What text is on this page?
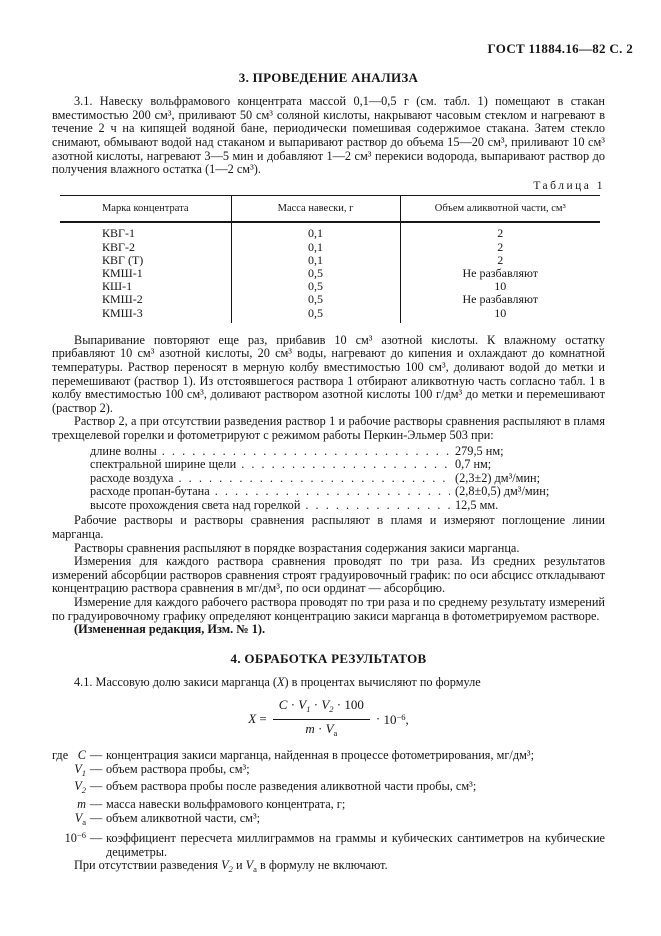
ГОСТ 11884.16—82 С. 2
3. ПРОВЕДЕНИЕ АНАЛИЗА

3.1. Навеску вольфрамового концентрата массой 0,1—0,5 г (см. табл. 1) помещают в стакан вместимостью 200 см³, приливают 50 см³ соляной кислоты, накрывают часовым стеклом и нагревают в течение 2 ч на кипящей водяной бане, периодически помешивая содержимое стакана. Затем стекло снимают, обмывают водой над стаканом и выпаривают раствор до объема 15—20 см³, приливают 10 см³ азотной кислоты, нагревают 3—5 мин и добавляют 1—2 см³ перекиси водорода, выпаривают раствор до получения влажного остатка (1—2 см³).

Таблица 1
Марка концентрата	Масса навески, г	Объем аликвотной части, см³
КВГ-1	0,1	2
КВГ-2	0,1	2
КВГ (Т)	0,1	2
КМШ-1	0,5	Не разбавляют
КШ-1	0,5	10
КМШ-2	0,5	Не разбавляют
КМШ-3	0,5	10

Выпаривание повторяют еще раз, прибавив 10 см³ азотной кислоты. К влажному остатку прибавляют 10 см³ азотной кислоты, 20 см³ воды, нагревают до кипения и охлаждают до комнатной температуры. Раствор переносят в мерную колбу вместимостью 100 см³, доливают водой до метки и перемешивают (раствор 1). Из отстоявшегося раствора 1 отбирают аликвотную часть согласно табл. 1 в колбу вместимостью 100 см³, доливают раствором азотной кислоты 100 г/дм³ до метки и перемешивают (раствор 2).

Раствор 2, а при отсутствии разведения раствор 1 и рабочие растворы сравнения распыляют в пламя трехщелевой горелки и фотометрируют с режимом работы Перкин-Эльмер 503 при:

длине волны . . .	279,5 нм;
спектральной ширине щели . . .	0,7 нм;
расходе воздуха . . .	(2,3±2) дм³/мин;
расходе пропан-бутана . . .	(2,8±0,5) дм³/мин;
высоте прохождения света над горелкой . . .	12,5 мм.

Рабочие растворы и растворы сравнения распыляют в пламя и измеряют поглощение линии марганца.

Растворы сравнения распыляют в порядке возрастания содержания закиси марганца.

Измерения для каждого раствора сравнения проводят по три раза. Из средних результатов измерений абсорбции растворов сравнения строят градуировочный график: по оси абсцисс откладывают концентрацию раствора сравнения в мг/дм³, по оси ординат — абсорбцию.

Измерение для каждого рабочего раствора проводят по три раза и по среднему результату измерений по градуировочному графику определяют концентрацию закиси марганца в фотометрируемом растворе.

(Измененная редакция, Изм. № 1).

4. ОБРАБОТКА РЕЗУЛЬТАТОВ

4.1. Массовую долю закиси марганца (X) в процентах вычисляют по формуле

X
= $\frac{C \cdot V_1 \cdot V_2 \cdot 100}{m \cdot V_а}$ ·
$10^{-6}$,
где C — концентрация закиси марганца, найденная в процессе фотометрирования, мг/дм³;
$V_1$ — объем раствора пробы, см³;
$V_2$ — объем раствора пробы после разведения аликвотной части пробы, см³;
m — масса навески вольфрамового концентрата, г;
$V_а$ — объем аликвотной части, см³;
$10^{-6}$ — коэффициент пересчета миллиграммов на граммы и кубических сантиметров на кубические дециметры.

При отсутствии разведения $V_2$ и $V_а$ в формулу не включают.
